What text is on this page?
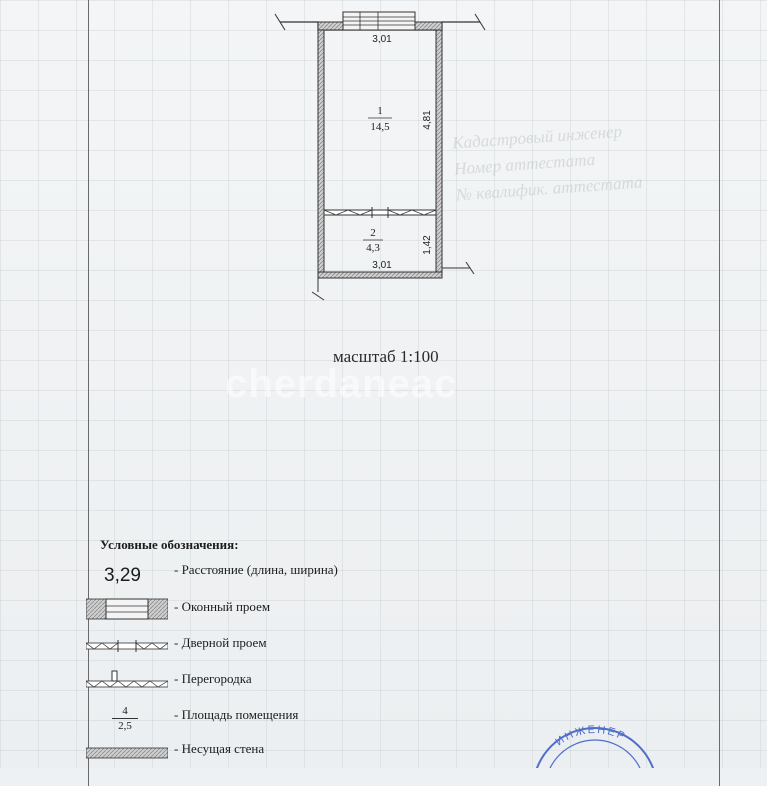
Кадастровый инженер
Номер аттестата
№ квалифик. аттестата
1
14,5
2
4,3
3,01
3,01
4,81
1,42
масштаб 1:100
cherdaneac
Условные обозначения:
3,29	- Расстояние (длина, ширина)
- Оконный проем
- Дверной проем
- Перегородка
4
2,5
- Площадь помещения
- Несущая стена
ИНЖЕНЕР
